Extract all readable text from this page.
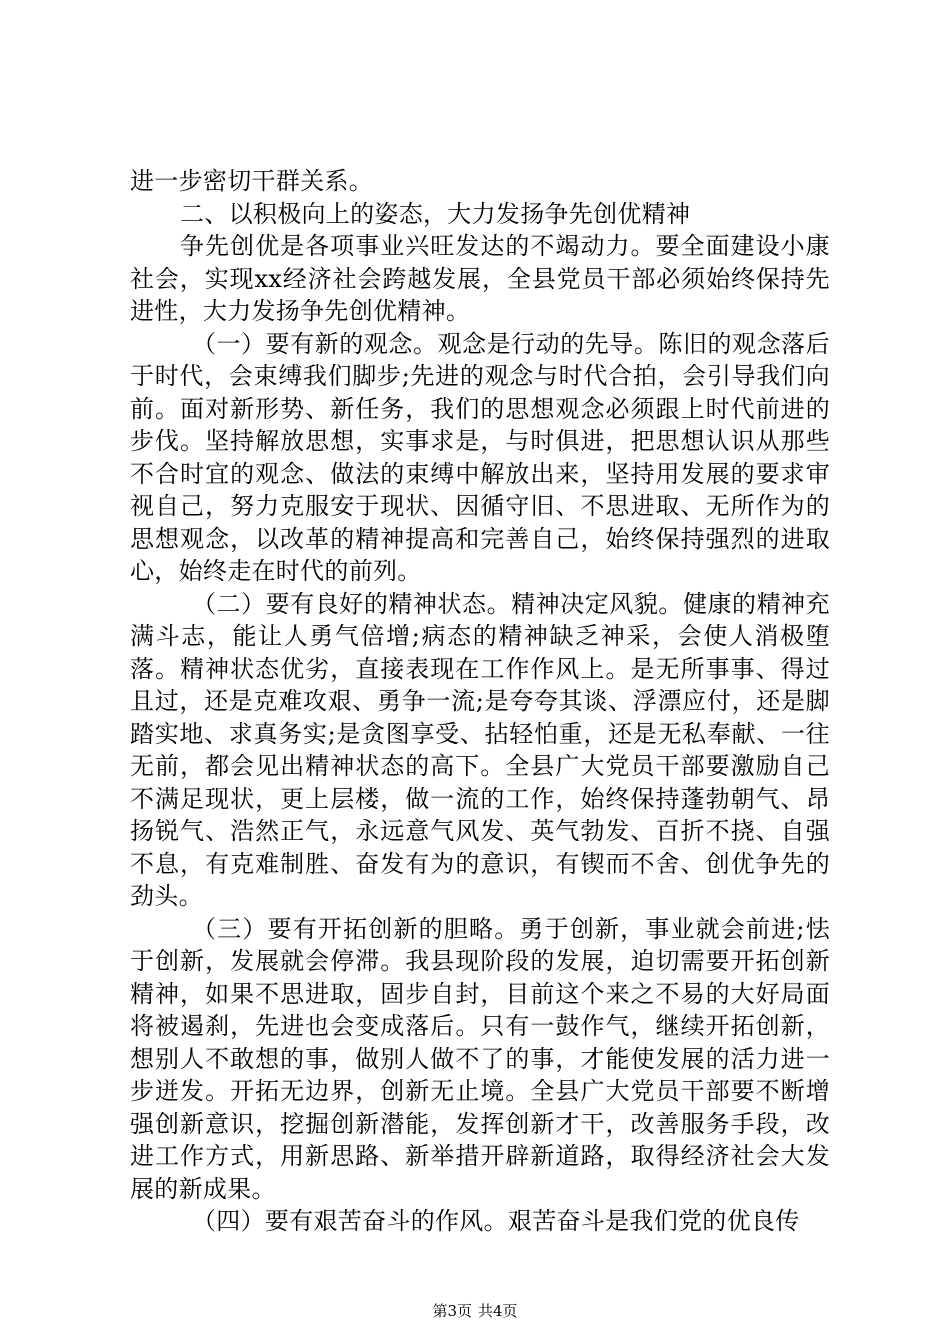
进一步密切干群关系。

二、以积极向上的姿态，大力发扬争先创优精神

争先创优是各项事业兴旺发达的不竭动力。要全面建设小康社会，实现xx经济社会跨越发展，全县党员干部必须始终保持先进性，大力发扬争先创优精神。

（一）要有新的观念。观念是行动的先导。陈旧的观念落后于时代，会束缚我们脚步;先进的观念与时代合拍，会引导我们向前。面对新形势、新任务，我们的思想观念必须跟上时代前进的步伐。坚持解放思想，实事求是，与时俱进，把思想认识从那些不合时宜的观念、做法的束缚中解放出来，坚持用发展的要求审视自己，努力克服安于现状、因循守旧、不思进取、无所作为的思想观念，以改革的精神提高和完善自己，始终保持强烈的进取心，始终走在时代的前列。

（二）要有良好的精神状态。精神决定风貌。健康的精神充满斗志，能让人勇气倍增;病态的精神缺乏神采，会使人消极堕落。精神状态优劣，直接表现在工作作风上。是无所事事、得过且过，还是克难攻艰、勇争一流;是夸夸其谈、浮漂应付，还是脚踏实地、求真务实;是贪图享受、拈轻怕重，还是无私奉献、一往无前，都会见出精神状态的高下。全县广大党员干部要激励自己不满足现状，更上层楼，做一流的工作，始终保持蓬勃朝气、昂扬锐气、浩然正气，永远意气风发、英气勃发、百折不挠、自强不息，有克难制胜、奋发有为的意识，有锲而不舍、创优争先的劲头。

（三）要有开拓创新的胆略。勇于创新，事业就会前进;怯于创新，发展就会停滞。我县现阶段的发展，迫切需要开拓创新精神，如果不思进取，固步自封，目前这个来之不易的大好局面将被遏刹，先进也会变成落后。只有一鼓作气，继续开拓创新，想别人不敢想的事，做别人做不了的事，才能使发展的活力进一步迸发。开拓无边界，创新无止境。全县广大党员干部要不断增强创新意识，挖掘创新潜能，发挥创新才干，改善服务手段，改进工作方式，用新思路、新举措开辟新道路，取得经济社会大发展的新成果。

（四）要有艰苦奋斗的作风。艰苦奋斗是我们党的优良传

第3页 共4页
